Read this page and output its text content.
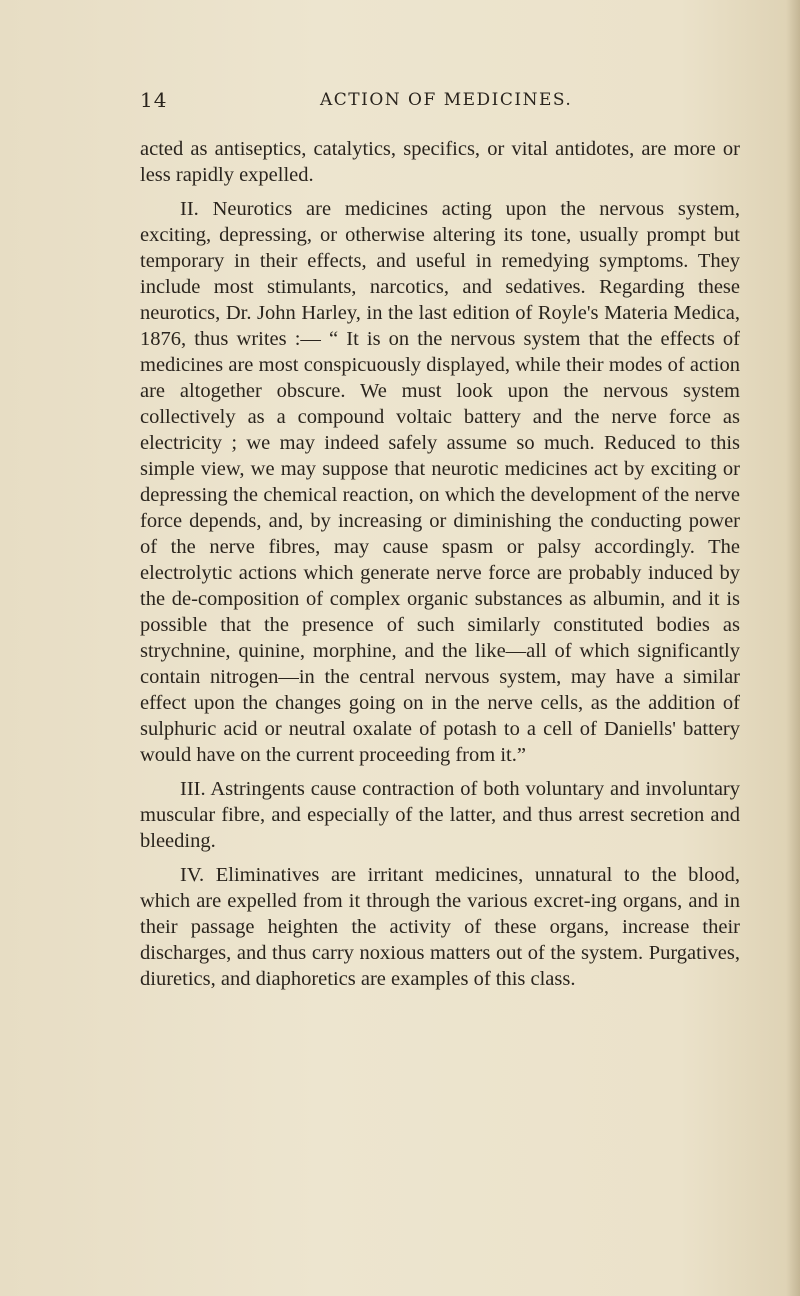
14	ACTION OF MEDICINES.

acted as antiseptics, catalytics, specifics, or vital antidotes, are more or less rapidly expelled.

II. Neurotics are medicines acting upon the nervous system, exciting, depressing, or otherwise altering its tone, usually prompt but temporary in their effects, and useful in remedying symptoms. They include most stimulants, narcotics, and sedatives. Regarding these neurotics, Dr. John Harley, in the last edition of Royle's Materia Medica, 1876, thus writes :— “ It is on the nervous system that the effects of medicines are most conspicuously displayed, while their modes of action are altogether obscure. We must look upon the nervous system collectively as a compound voltaic battery and the nerve force as electricity ; we may indeed safely assume so much. Reduced to this simple view, we may suppose that neurotic medicines act by exciting or depressing the chemical reaction, on which the development of the nerve force depends, and, by increasing or diminishing the conducting power of the nerve fibres, may cause spasm or palsy accordingly. The electrolytic actions which generate nerve force are probably induced by the de-composition of complex organic substances as albumin, and it is possible that the presence of such similarly constituted bodies as strychnine, quinine, morphine, and the like—all of which significantly contain nitrogen—in the central nervous system, may have a similar effect upon the changes going on in the nerve cells, as the addition of sulphuric acid or neutral oxalate of potash to a cell of Daniells' battery would have on the current proceeding from it.”

III. Astringents cause contraction of both voluntary and involuntary muscular fibre, and especially of the latter, and thus arrest secretion and bleeding.

IV. Eliminatives are irritant medicines, unnatural to the blood, which are expelled from it through the various excret-ing organs, and in their passage heighten the activity of these organs, increase their discharges, and thus carry noxious matters out of the system. Purgatives, diuretics, and diaphoretics are examples of this class.
